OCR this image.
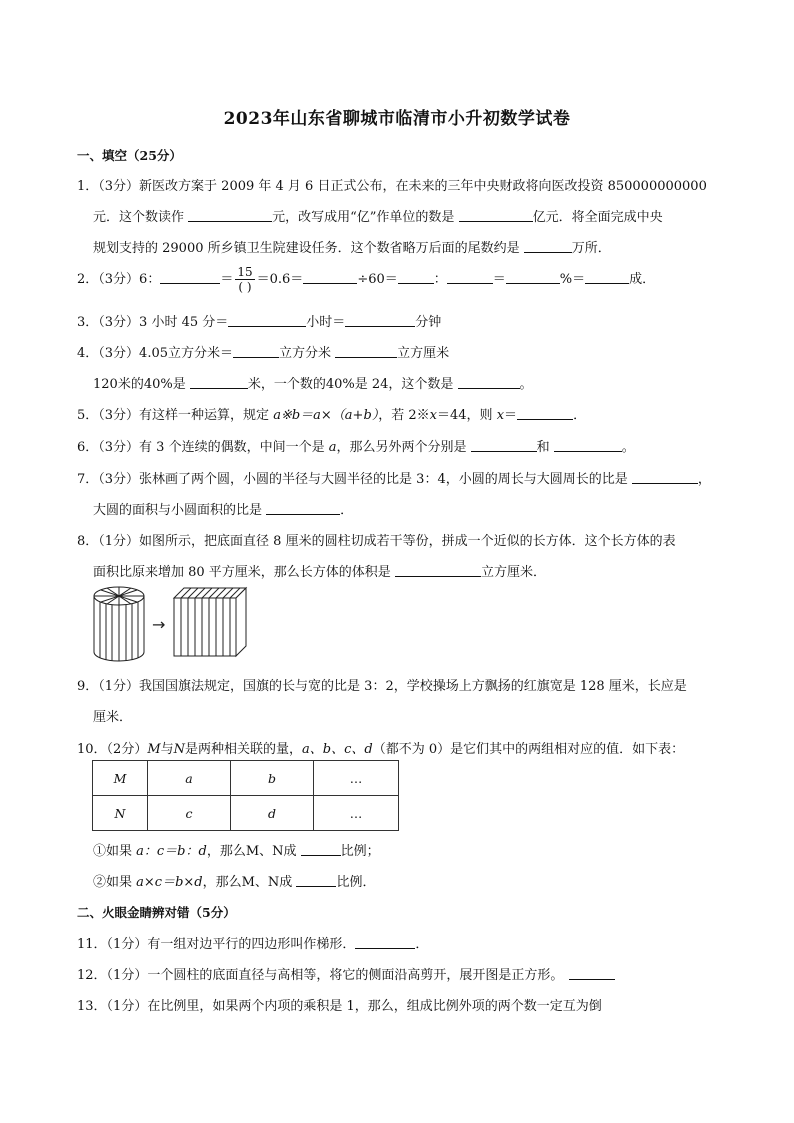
2023年山东省聊城市临清市小升初数学试卷
一、填空（25分）
1．（3分）新医改方案于 2009 年 4 月 6 日正式公布，在未来的三年中央财政将向医改投资 850000000000
元．这个数读作	元，改写成用“亿”作单位的数是	亿元．将全面完成中央
规划支持的 29000 所乡镇卫生院建设任务．这个数省略万后面的尾数约是	万所．
2．（3分）6：	＝ $\frac{15}{( )} =0.6=$	÷60＝	：	＝	%＝	成．
3．（3分）3 小时 45 分＝	小时＝	分钟
4．（3分）4.05立方分米＝	立方分米	立方厘米
120米的40%是	米，一个数的40%是 24，这个数是	。
5．（3分）有这样一种运算，规定 a※b＝a×（a+b），若 2※x＝44，则 x＝	．
6．（3分）有 3 个连续的偶数，中间一个是 a，那么另外两个分别是	和	。
7．（3分）张林画了两个圆，小圆的半径与大圆半径的比是 3：4，小圆的周长与大圆周长的比是	，
大圆的面积与小圆面积的比是	．
8．（1分）如图所示，把底面直径 8 厘米的圆柱切成若干等份，拼成一个近似的长方体．这个长方体的表
面积比原来增加 80 平方厘米，那么长方体的体积是	立方厘米．
→
9．（1分）我国国旗法规定，国旗的长与宽的比是 3：2，学校操场上方飘扬的红旗宽是 128 厘米，长应是
厘米．
10．（2分）M与N是两种相关联的量，a、b、c、d（都不为 0）是它们其中的两组相对应的值．如下表：
M	a	b	…
N	c	d	…
①如果 a：c＝b：d，那么M、N成	比例；
②如果 a×c＝b×d，那么M、N成	比例．
二、火眼金睛辨对错（5分）
11．（1分）有一组对边平行的四边形叫作梯形．	．
12．（1分）一个圆柱的底面直径与高相等，将它的侧面沿高剪开，展开图是正方形。
13．（1分）在比例里，如果两个内项的乘积是 1，那么，组成比例外项的两个数一定互为倒
